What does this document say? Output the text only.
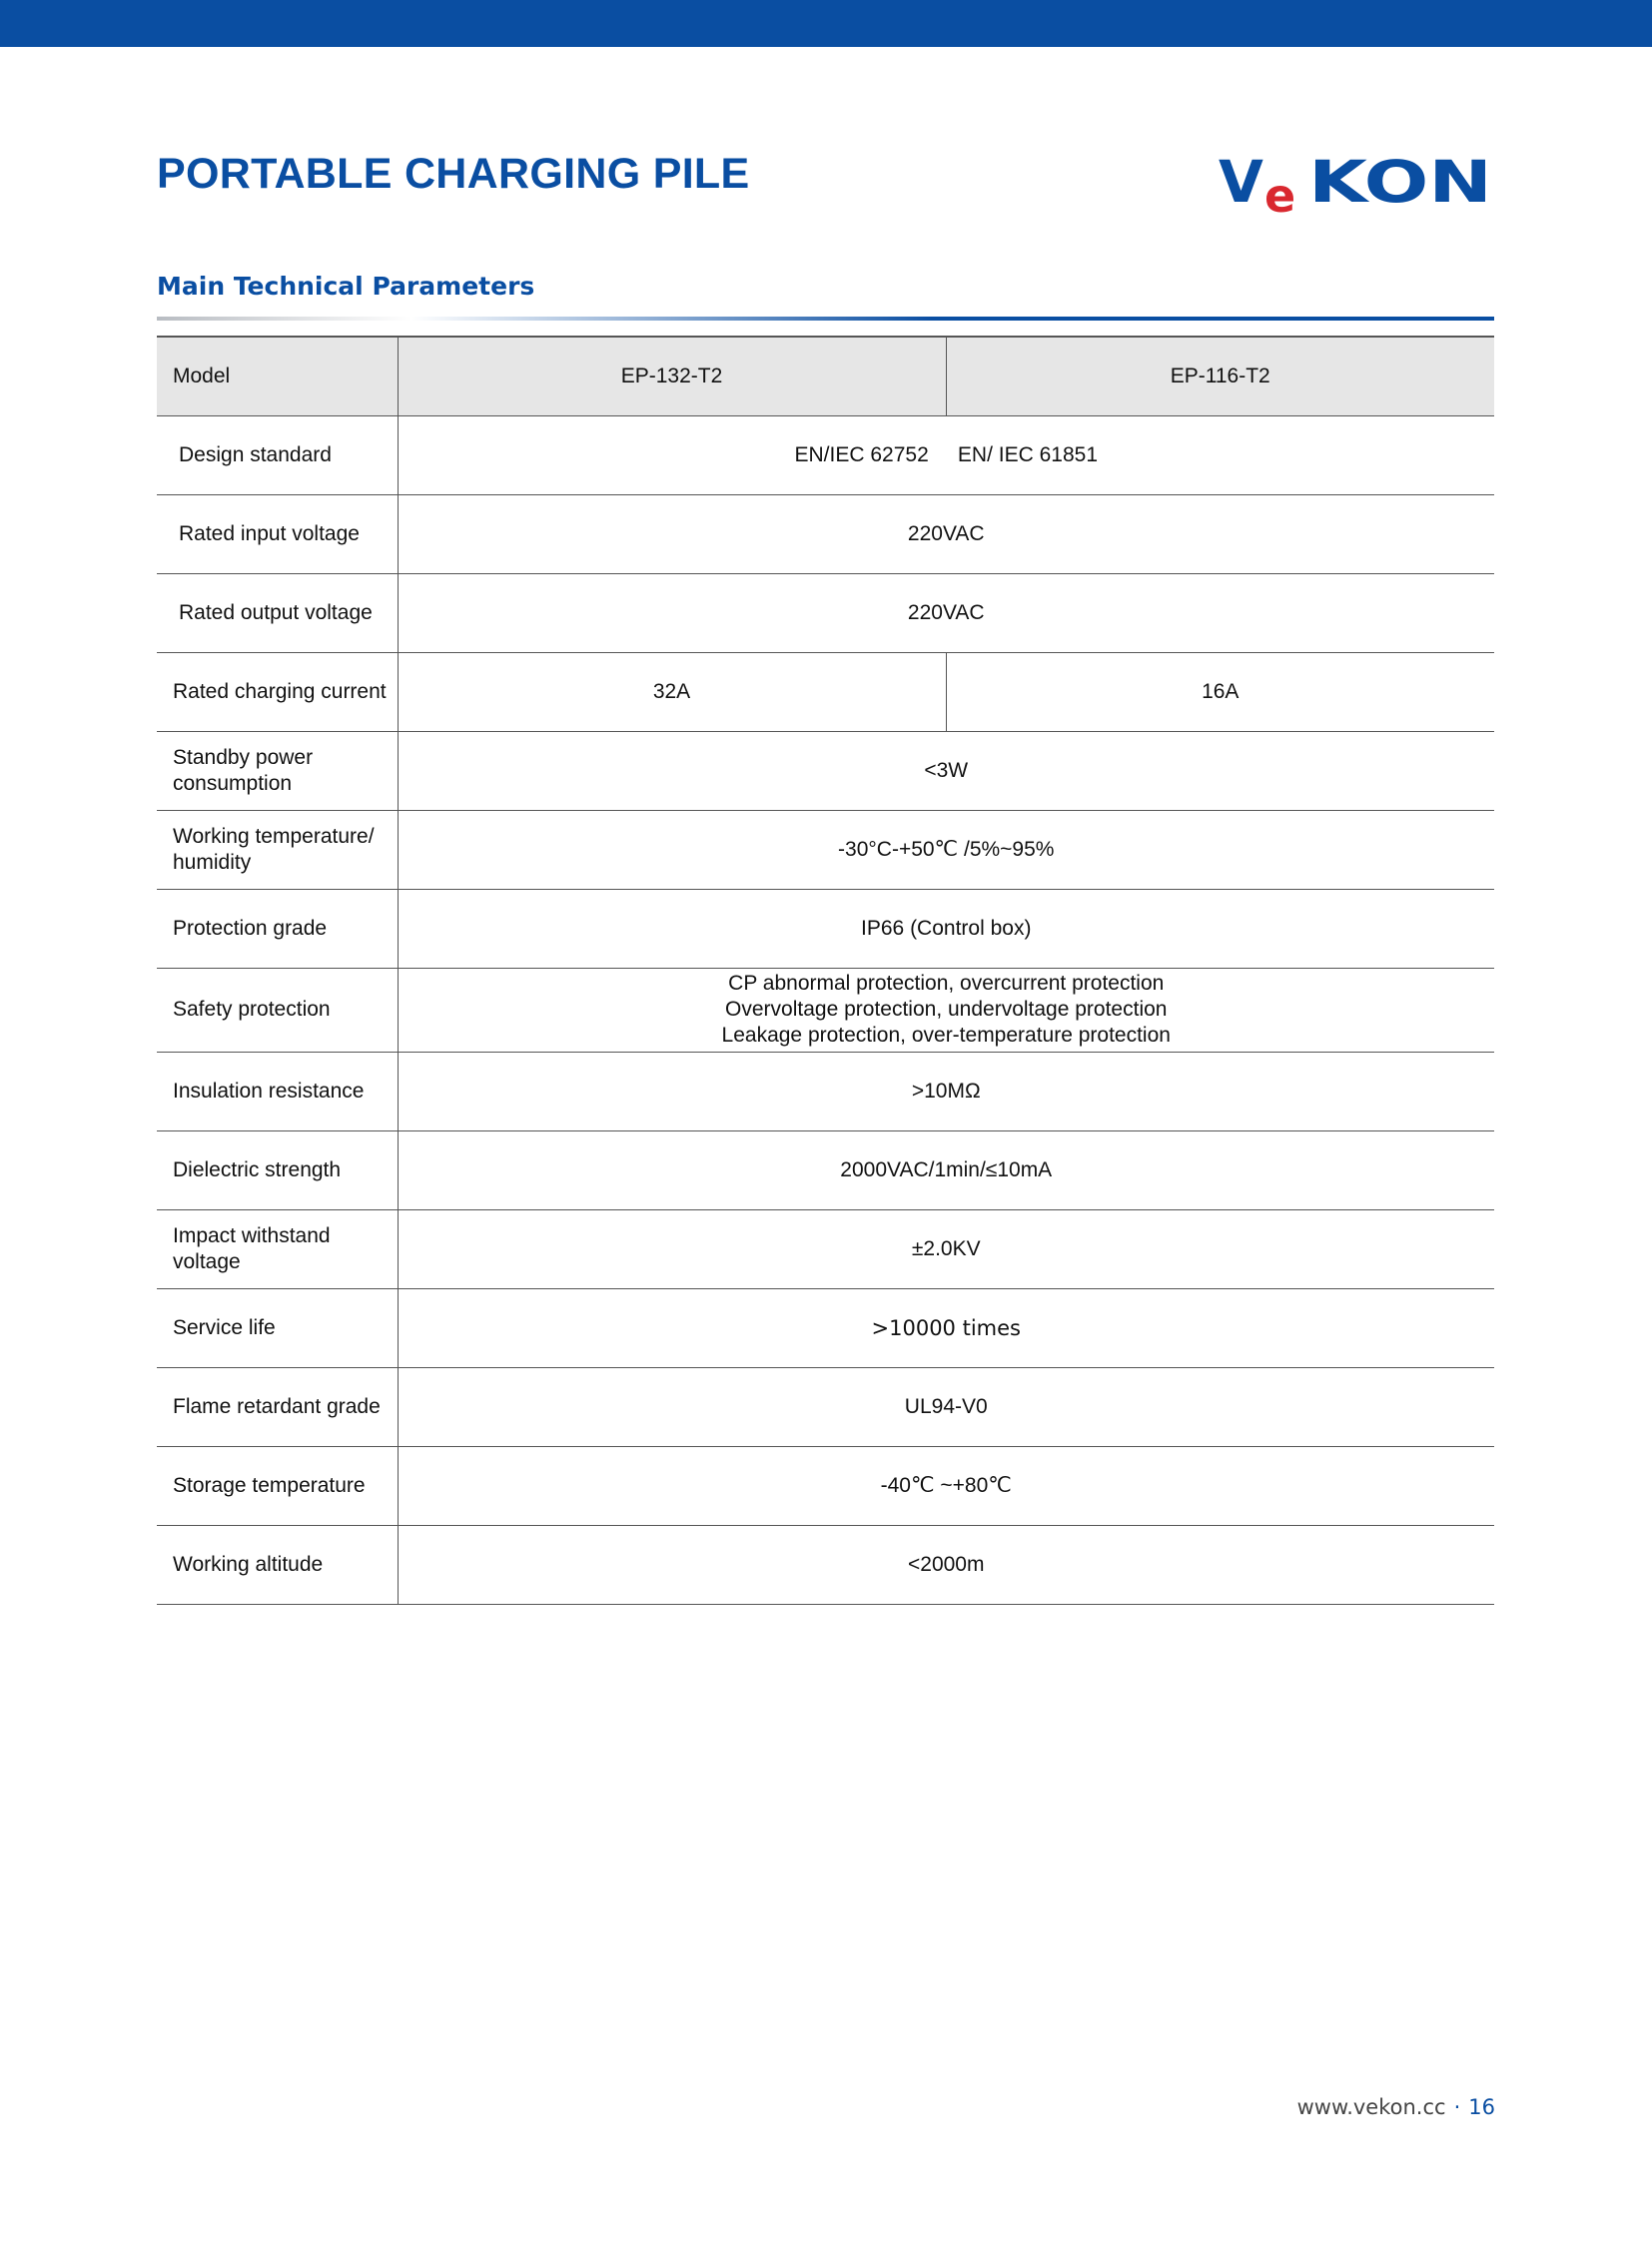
PORTABLE CHARGING PILE	V e KON
Main Technical Parameters
Model	EP-132-T2	EP-116-T2
Design standard	EN/IEC 62752     EN/ IEC 61851	
Rated input voltage	220VAC	
Rated output voltage	220VAC	
Rated charging current	32A	16A
Standby power consumption	<3W	
Working temperature/ humidity	-30°C-+50℃ /5%~95%	
Protection grade	IP66 (Control box)	
Safety protection	CP abnormal protection, overcurrent protection
Overvoltage protection, undervoltage protection
Leakage protection, over-temperature protection	

Insulation resistance	>10MΩ	
Dielectric strength	2000VAC/1min/≤10mA	
Impact withstand voltage	±2.0KV	
Service life	>10000 times	
Flame retardant grade	UL94-V0	
Storage temperature	-40℃ ~+80℃	
Working altitude	<2000m	
www.vekon.cc · 16
